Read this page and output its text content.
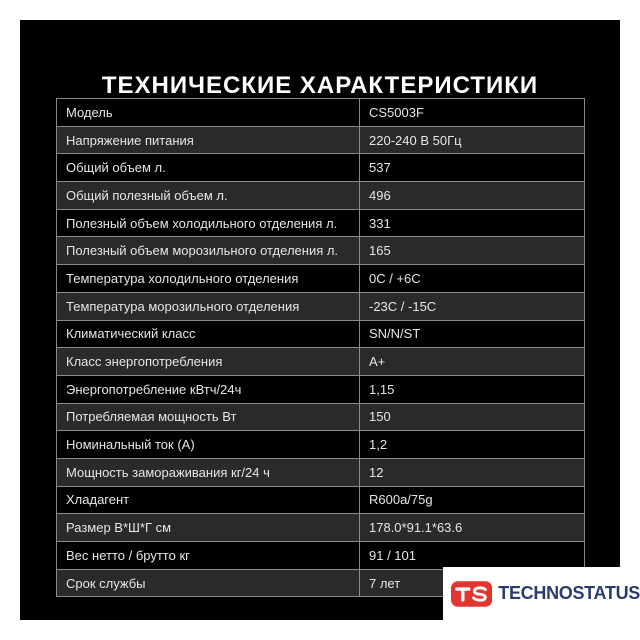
ТЕХНИЧЕСКИЕ ХАРАКТЕРИСТИКИ
Модель	CS5003F
Напряжение питания	220-240 В 50Гц
Общий объем л.	537
Общий полезный объем л.	496
Полезный объем холодильного отделения л.	331
Полезный объем морозильного отделения л.	165
Температура холодильного отделения	0C / +6C
Температура морозильного отделения	-23C / -15C
Климатический класс	SN/N/ST
Класс энергопотребления	A+
Энергопотребление кВтч/24ч	1,15
Потребляемая мощность Вт	150
Номинальный ток (А)	1,2
Мощность замораживания кг/24 ч	12
Хладагент	R600a/75g
Размер В*Ш*Г см	178.0*91.1*63.6
Вес нетто / брутто кг	91 / 101
Срок службы	7 лет	TECHNOSTATUS
